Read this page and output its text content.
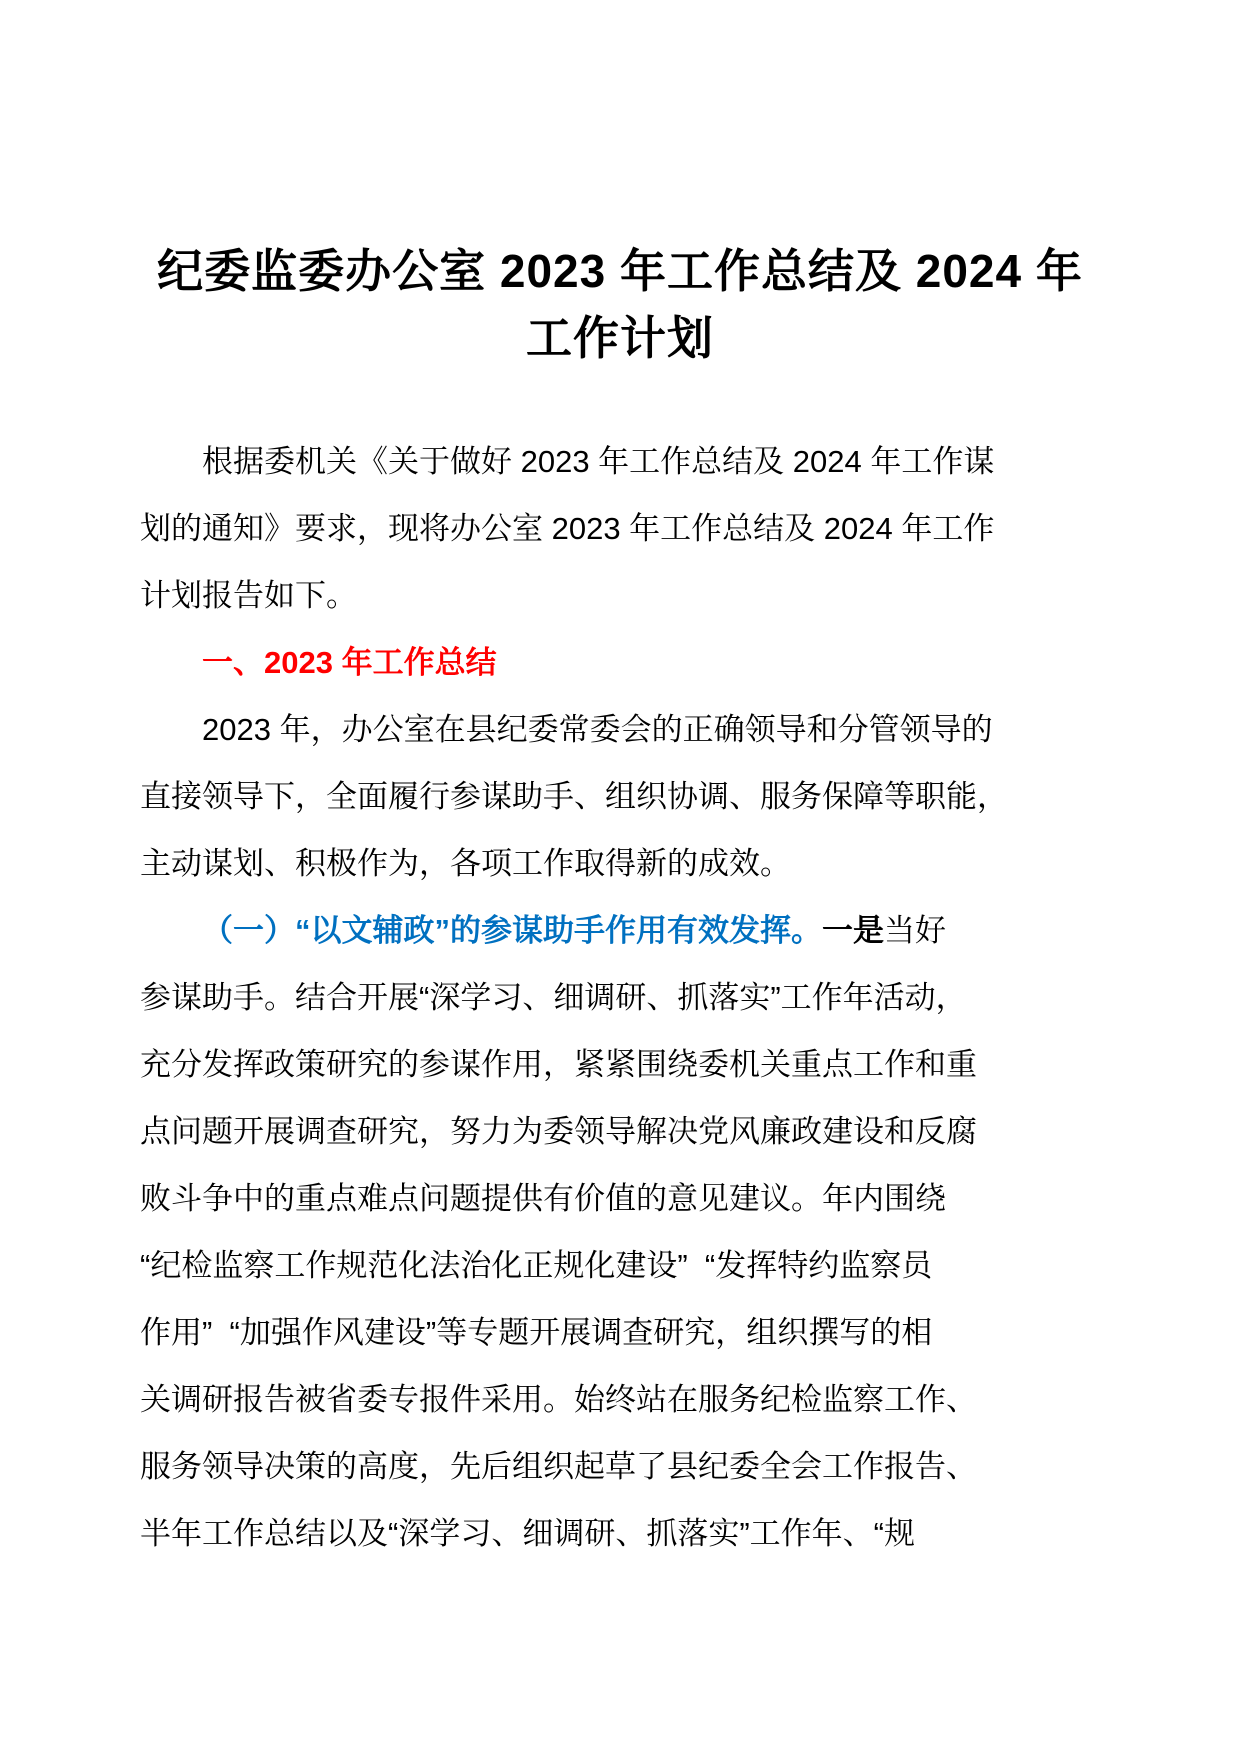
纪委监委办公室 2023 年工作总结及 2024 年
工作计划
根据委机关《关于做好 2023 年工作总结及 2024 年工作谋
划的通知》要求，现将办公室 2023 年工作总结及 2024 年工作
计划报告如下。
一、2023 年工作总结
2023 年，办公室在县纪委常委会的正确领导和分管领导的
直接领导下，全面履行参谋助手、组织协调、服务保障等职能，
主动谋划、积极作为，各项工作取得新的成效。
（一）“以文辅政”的参谋助手作用有效发挥。一是当好
参谋助手。结合开展“深学习、细调研、抓落实”工作年活动，
充分发挥政策研究的参谋作用，紧紧围绕委机关重点工作和重
点问题开展调查研究，努力为委领导解决党风廉政建设和反腐
败斗争中的重点难点问题提供有价值的意见建议。年内围绕
“纪检监察工作规范化法治化正规化建设”  “发挥特约监察员
作用”  “加强作风建设”等专题开展调查研究，组织撰写的相
关调研报告被省委专报件采用。始终站在服务纪检监察工作、
服务领导决策的高度，先后组织起草了县纪委全会工作报告、
半年工作总结以及“深学习、细调研、抓落实”工作年、“规
